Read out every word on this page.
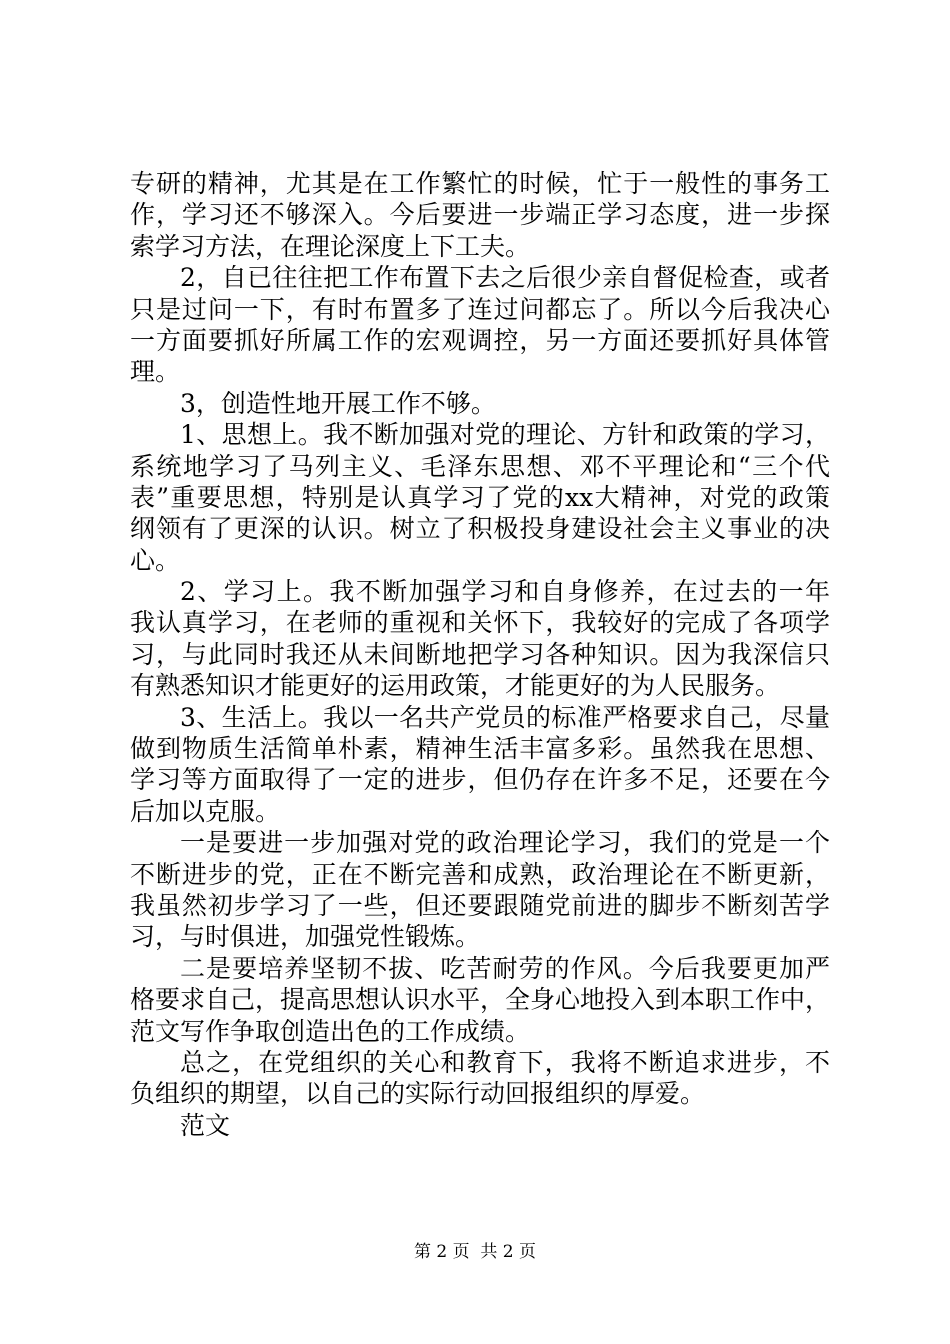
专研的精神，尤其是在工作繁忙的时候，忙于一般性的事务工
作，学习还不够深入。今后要进一步端正学习态度，进一步探
索学习方法，在理论深度上下工夫。
2，自已往往把工作布置下去之后很少亲自督促检查，或者
只是过问一下，有时布置多了连过问都忘了。所以今后我决心
一方面要抓好所属工作的宏观调控，另一方面还要抓好具体管
理。
3，创造性地开展工作不够。
1、思想上。我不断加强对党的理论、方针和政策的学习，
系统地学习了马列主义、毛泽东思想、邓不平理论和“三个代
表”重要思想，特别是认真学习了党的xx大精神，对党的政策
纲领有了更深的认识。树立了积极投身建设社会主义事业的决
心。
2、学习上。我不断加强学习和自身修养，在过去的一年
我认真学习，在老师的重视和关怀下，我较好的完成了各项学
习，与此同时我还从未间断地把学习各种知识。因为我深信只
有熟悉知识才能更好的运用政策，才能更好的为人民服务。
3、生活上。我以一名共产党员的标准严格要求自己，尽量
做到物质生活简单朴素，精神生活丰富多彩。虽然我在思想、
学习等方面取得了一定的进步，但仍存在许多不足，还要在今
后加以克服。
一是要进一步加强对党的政治理论学习，我们的党是一个
不断进步的党，正在不断完善和成熟，政治理论在不断更新，
我虽然初步学习了一些，但还要跟随党前进的脚步不断刻苦学
习，与时俱进，加强党性锻炼。
二是要培养坚韧不拔、吃苦耐劳的作风。今后我要更加严
格要求自己，提高思想认识水平，全身心地投入到本职工作中，
范文写作争取创造出色的工作成绩。
总之，在党组织的关心和教育下，我将不断追求进步，不
负组织的期望，以自己的实际行动回报组织的厚爱。
范文
第 2 页  共 2 页
